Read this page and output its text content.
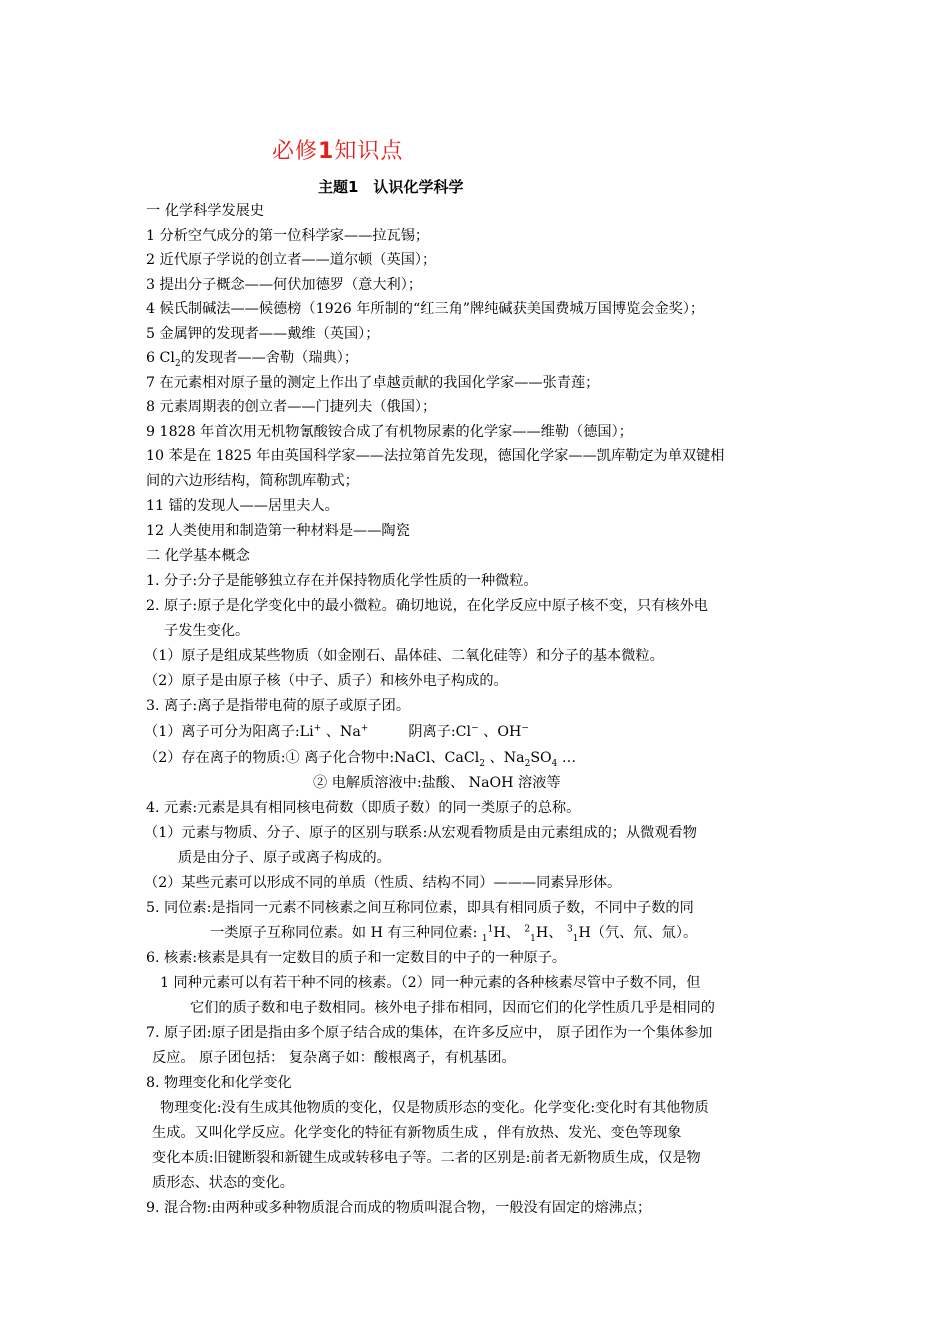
必修1知识点
主题1　认识化学科学
一 化学科学发展史
1 分析空气成分的第一位科学家——拉瓦锡；
2 近代原子学说的创立者——道尔顿（英国）；
3 提出分子概念——何伏加德罗（意大利）；
4 候氏制碱法——候德榜（1926 年所制的“红三角”牌纯碱获美国费城万国博览会金奖）；
5 金属钾的发现者——戴维（英国）；
6 $Cl_2$的发现者——舍勒（瑞典）；
7 在元素相对原子量的测定上作出了卓越贡献的我国化学家——张青莲；
8 元素周期表的创立者——门捷列夫（俄国）；
9 1828 年首次用无机物氰酸铵合成了有机物尿素的化学家——维勒（德国）；
10 苯是在 1825 年由英国科学家——法拉第首先发现，德国化学家——凯库勒定为单双键相
间的六边形结构，简称凯库勒式；
11 镭的发现人——居里夫人。
12 人类使用和制造第一种材料是——陶瓷
二 化学基本概念
1. 分子:分子是能够独立存在并保持物质化学性质的一种微粒。
2. 原子:原子是化学变化中的最小微粒。确切地说，在化学反应中原子核不变，只有核外电
子发生变化。
（1）原子是组成某些物质（如金刚石、晶体硅、二氧化硅等）和分子的基本微粒。
（2）原子是由原子核（中子、质子）和核外电子构成的。
3. 离子:离子是指带电荷的原子或原子团。
（1）离子可分为阳离子:Li+ 、Na+	阴离子:Cl− 、OH−
（2）存在离子的物质:① 离子化合物中:NaCl、CaCl$_2$ 、$Na_2SO_4$ …
② 电解质溶液中:盐酸、 NaOH 溶液等
4. 元素:元素是具有相同核电荷数（即质子数）的同一类原子的总称。
（1）元素与物质、分子、原子的区别与联系:从宏观看物质是由元素组成的；从微观看物
质是由分子、原子或离子构成的。
（2）某些元素可以形成不同的单质（性质、结构不同）———同素异形体。
5. 同位素:是指同一元素不同核素之间互称同位素，即具有相同质子数，不同中子数的同
一类原子互称同位素。如 H 有三种同位素: $_1^1$H、 $^2_1$H、 $^3_1$H（氕、氘、氚）。
6. 核素:核素是具有一定数目的质子和一定数目的中子的一种原子。
1 同种元素可以有若干种不同的核素。（2）同一种元素的各种核素尽管中子数不同，但
它们的质子数和电子数相同。核外电子排布相同，因而它们的化学性质几乎是相同的
7. 原子团:原子团是指由多个原子结合成的集体，在许多反应中， 原子团作为一个集体参加
反应。 原子团包括： 复杂离子如：酸根离子，有机基团。
8. 物理变化和化学变化
物理变化:没有生成其他物质的变化，仅是物质形态的变化。化学变化:变化时有其他物质
生成。又叫化学反应。化学变化的特征有新物质生成 ，伴有放热、发光、变色等现象
变化本质:旧键断裂和新键生成或转移电子等。二者的区别是:前者无新物质生成，仅是物
质形态、状态的变化。
9. 混合物:由两种或多种物质混合而成的物质叫混合物，一般没有固定的熔沸点；
